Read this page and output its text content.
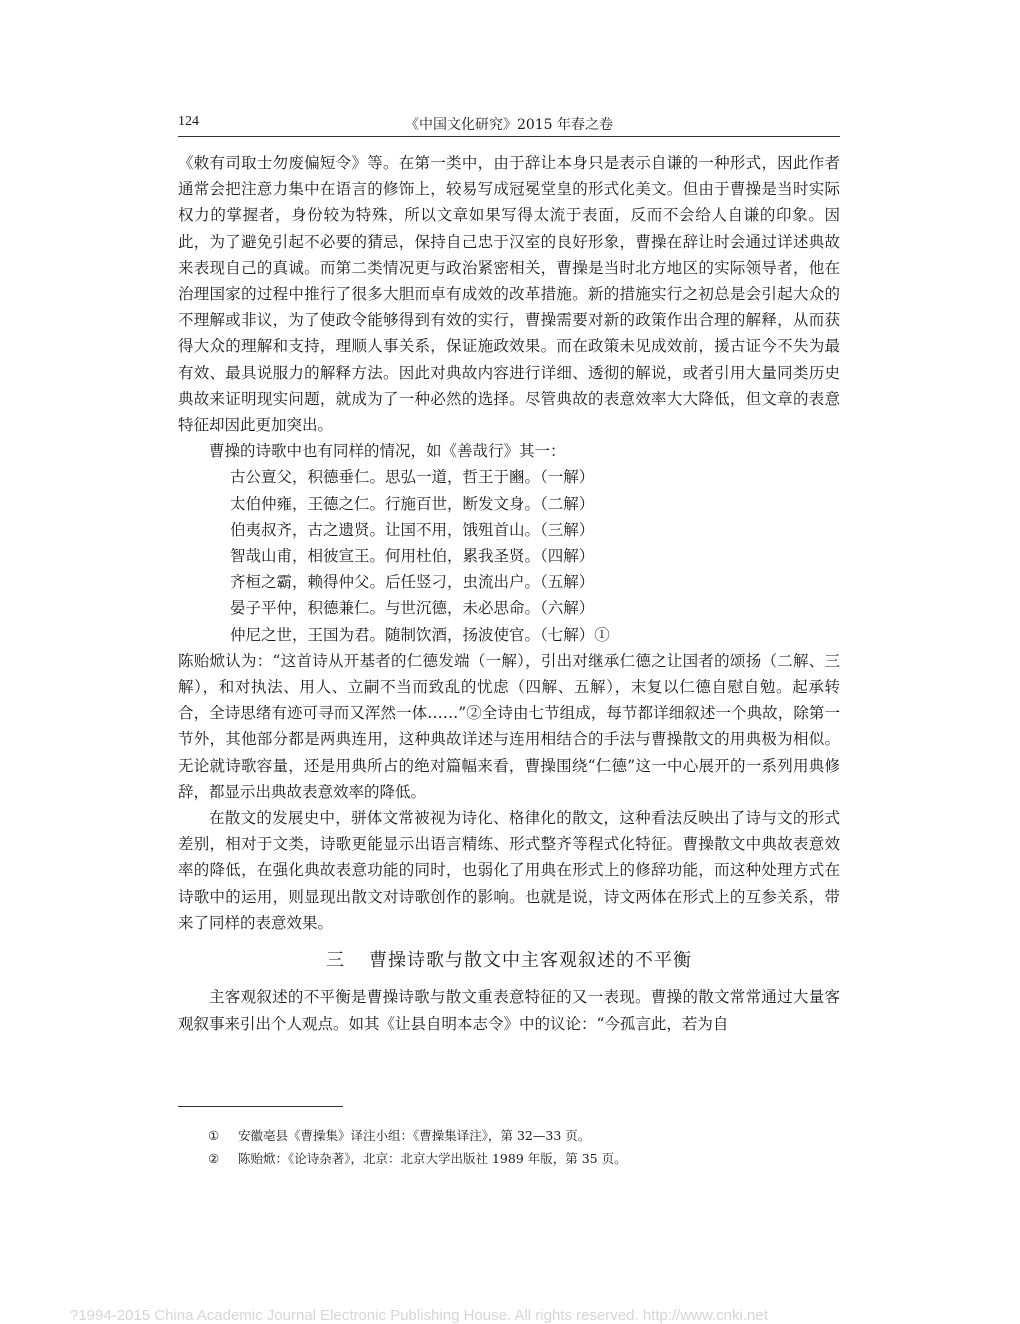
124	《中国文化研究》2015 年春之卷

《敕有司取士勿废偏短令》等。在第一类中，由于辞让本身只是表示自谦的一种形式，因此作者通常会把注意力集中在语言的修饰上，较易写成冠冕堂皇的形式化美文。但由于曹操是当时实际权力的掌握者，身份较为特殊，所以文章如果写得太流于表面，反而不会给人自谦的印象。因此，为了避免引起不必要的猜忌，保持自己忠于汉室的良好形象，曹操在辞让时会通过详述典故来表现自己的真诚。而第二类情况更与政治紧密相关，曹操是当时北方地区的实际领导者，他在治理国家的过程中推行了很多大胆而卓有成效的改革措施。新的措施实行之初总是会引起大众的不理解或非议，为了使政令能够得到有效的实行，曹操需要对新的政策作出合理的解释，从而获得大众的理解和支持，理顺人事关系，保证施政效果。而在政策未见成效前，援古证今不失为最有效、最具说服力的解释方法。因此对典故内容进行详细、透彻的解说，或者引用大量同类历史典故来证明现实问题，就成为了一种必然的选择。尽管典故的表意效率大大降低，但文章的表意特征却因此更加突出。

曹操的诗歌中也有同样的情况，如《善哉行》其一：

古公亶父，积德垂仁。思弘一道，哲王于豳。（一解）
太伯仲雍，王德之仁。行施百世，断发文身。（二解）
伯夷叔齐，古之遗贤。让国不用，饿殂首山。（三解）
智哉山甫，相彼宣王。何用杜伯，累我圣贤。（四解）
齐桓之霸，赖得仲父。后任竖刁，虫流出户。（五解）
晏子平仲，积德兼仁。与世沉德，未必思命。（六解）
仲尼之世，王国为君。随制饮酒，扬波使官。（七解）①

陈贻焮认为：“这首诗从开基者的仁德发端（一解），引出对继承仁德之让国者的颂扬（二解、三解），和对执法、用人、立嗣不当而致乱的忧虑（四解、五解），末复以仁德自慰自勉。起承转合，全诗思绪有迹可寻而又浑然一体……”②全诗由七节组成，每节都详细叙述一个典故，除第一节外，其他部分都是两典连用，这种典故详述与连用相结合的手法与曹操散文的用典极为相似。无论就诗歌容量，还是用典所占的绝对篇幅来看，曹操围绕“仁德”这一中心展开的一系列用典修辞，都显示出典故表意效率的降低。

在散文的发展史中，骈体文常被视为诗化、格律化的散文，这种看法反映出了诗与文的形式差别，相对于文类，诗歌更能显示出语言精练、形式整齐等程式化特征。曹操散文中典故表意效率的降低，在强化典故表意功能的同时，也弱化了用典在形式上的修辞功能，而这种处理方式在诗歌中的运用，则显现出散文对诗歌创作的影响。也就是说，诗文两体在形式上的互参关系，带来了同样的表意效果。

三 曹操诗歌与散文中主客观叙述的不平衡

主客观叙述的不平衡是曹操诗歌与散文重表意特征的又一表现。曹操的散文常常通过大量客观叙事来引出个人观点。如其《让县自明本志令》中的议论：“今孤言此，若为自

① 安徽亳县《曹操集》译注小组：《曹操集译注》，第 32—33 页。
② 陈贻焮：《论诗杂著》，北京：北京大学出版社 1989 年版，第 35 页。
?1994-2015 China Academic Journal Electronic Publishing House. All rights reserved. http://www.cnki.net
